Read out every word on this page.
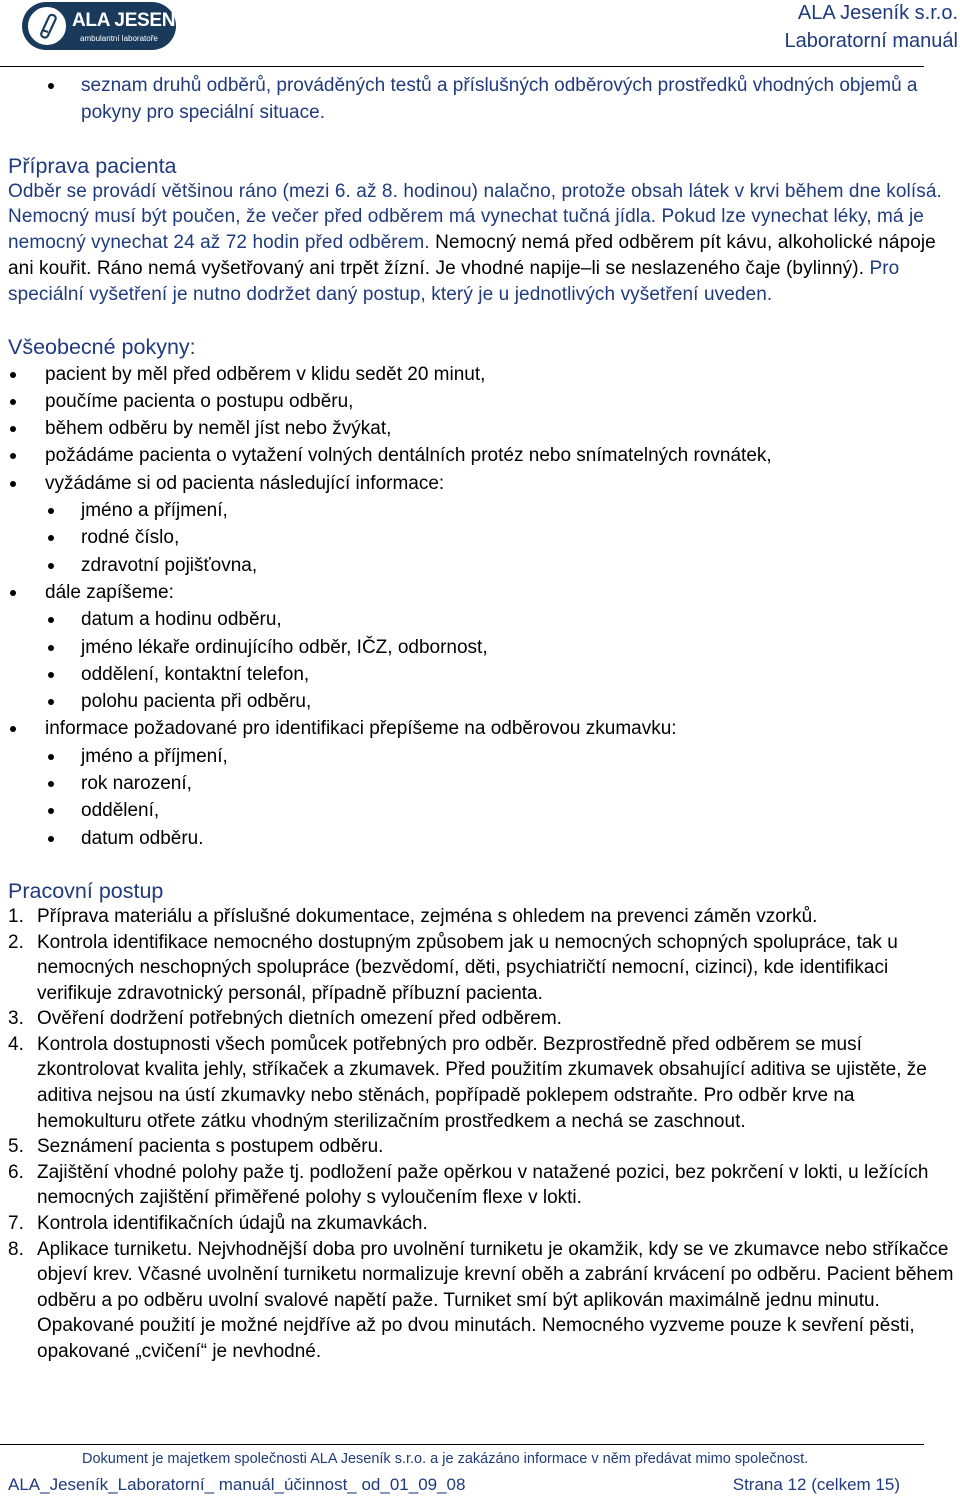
ALA JESENÍK s.r.o.
ambulantní laboratoře
ALA Jeseník s.r.o.
Laboratorní manuál
seznam druhů odběrů, prováděných testů a příslušných odběrových prostředků vhodných objemů a pokyny pro speciální situace.
Příprava pacienta
Odběr se provádí většinou ráno (mezi 6. až 8. hodinou) nalačno, protože obsah látek v krvi během dne kolísá. Nemocný musí být poučen, že večer před odběrem má vynechat tučná jídla. Pokud lze vynechat léky, má je nemocný vynechat 24 až 72 hodin před odběrem. Nemocný nemá před odběrem pít kávu, alkoholické nápoje ani kouřit. Ráno nemá vyšetřovaný ani trpět žízní. Je vhodné napije–li se neslazeného čaje (bylinný). Pro speciální vyšetření je nutno dodržet daný postup, který je u jednotlivých vyšetření uveden.
Všeobecné pokyny:
pacient by měl před odběrem v klidu sedět 20 minut,
poučíme pacienta o postupu odběru,
během odběru by neměl jíst nebo žvýkat,
požádáme pacienta o vytažení volných dentálních protéz nebo snímatelných rovnátek,
vyžádáme si od pacienta následující informace:
jméno a příjmení,
rodné číslo,
zdravotní pojišťovna,
dále zapíšeme:
datum a hodinu odběru,
jméno lékaře ordinujícího odběr, IČZ, odbornost,
oddělení, kontaktní telefon,
polohu pacienta při odběru,
informace požadované pro identifikaci přepíšeme na odběrovou zkumavku:
jméno a příjmení,
rok narození,
oddělení,
datum odběru.
Pracovní postup
1. Příprava materiálu a příslušné dokumentace, zejména s ohledem na prevenci záměn vzorků.
2. Kontrola identifikace nemocného dostupným způsobem jak u nemocných schopných spolupráce, tak u nemocných neschopných spolupráce (bezvědomí, děti, psychiatričtí nemocní, cizinci), kde identifikaci verifikuje zdravotnický personál, případně příbuzní pacienta.
3. Ověření dodržení potřebných dietních omezení před odběrem.
4. Kontrola dostupnosti všech pomůcek potřebných pro odběr. Bezprostředně před odběrem se musí zkontrolovat kvalita jehly, stříkaček a zkumavek. Před použitím zkumavek obsahující aditiva se ujistěte, že aditiva nejsou na ústí zkumavky nebo stěnách, popřípadě poklepem odstraňte. Pro odběr krve na hemokulturu otřete zátku vhodným sterilizačním prostředkem a nechá se zaschnout.
5. Seznámení pacienta s postupem odběru.
6. Zajištění vhodné polohy paže tj. podložení paže opěrkou v natažené pozici, bez pokrčení v lokti, u ležících nemocných zajištění přiměřené polohy s vyloučením flexe v lokti.
7. Kontrola identifikačních údajů na zkumavkách.
8. Aplikace turniketu. Nejvhodnější doba pro uvolnění turniketu je okamžik, kdy se ve zkumavce nebo stříkačce objeví krev. Včasné uvolnění turniketu normalizuje krevní oběh a zabrání krvácení po odběru. Pacient během odběru a po odběru uvolní svalové napětí paže. Turniket smí být aplikován maximálně jednu minutu. Opakované použití je možné nejdříve až po dvou minutách. Nemocného vyzveme pouze k sevření pěsti, opakované „cvičení“ je nevhodné.
Dokument je majetkem společnosti ALA Jeseník s.r.o. a je zakázáno informace v něm předávat mimo společnost.
ALA_Jeseník_Laboratorní_ manuál_účinnost_ od_01_09_08	Strana 12 (celkem 15)
